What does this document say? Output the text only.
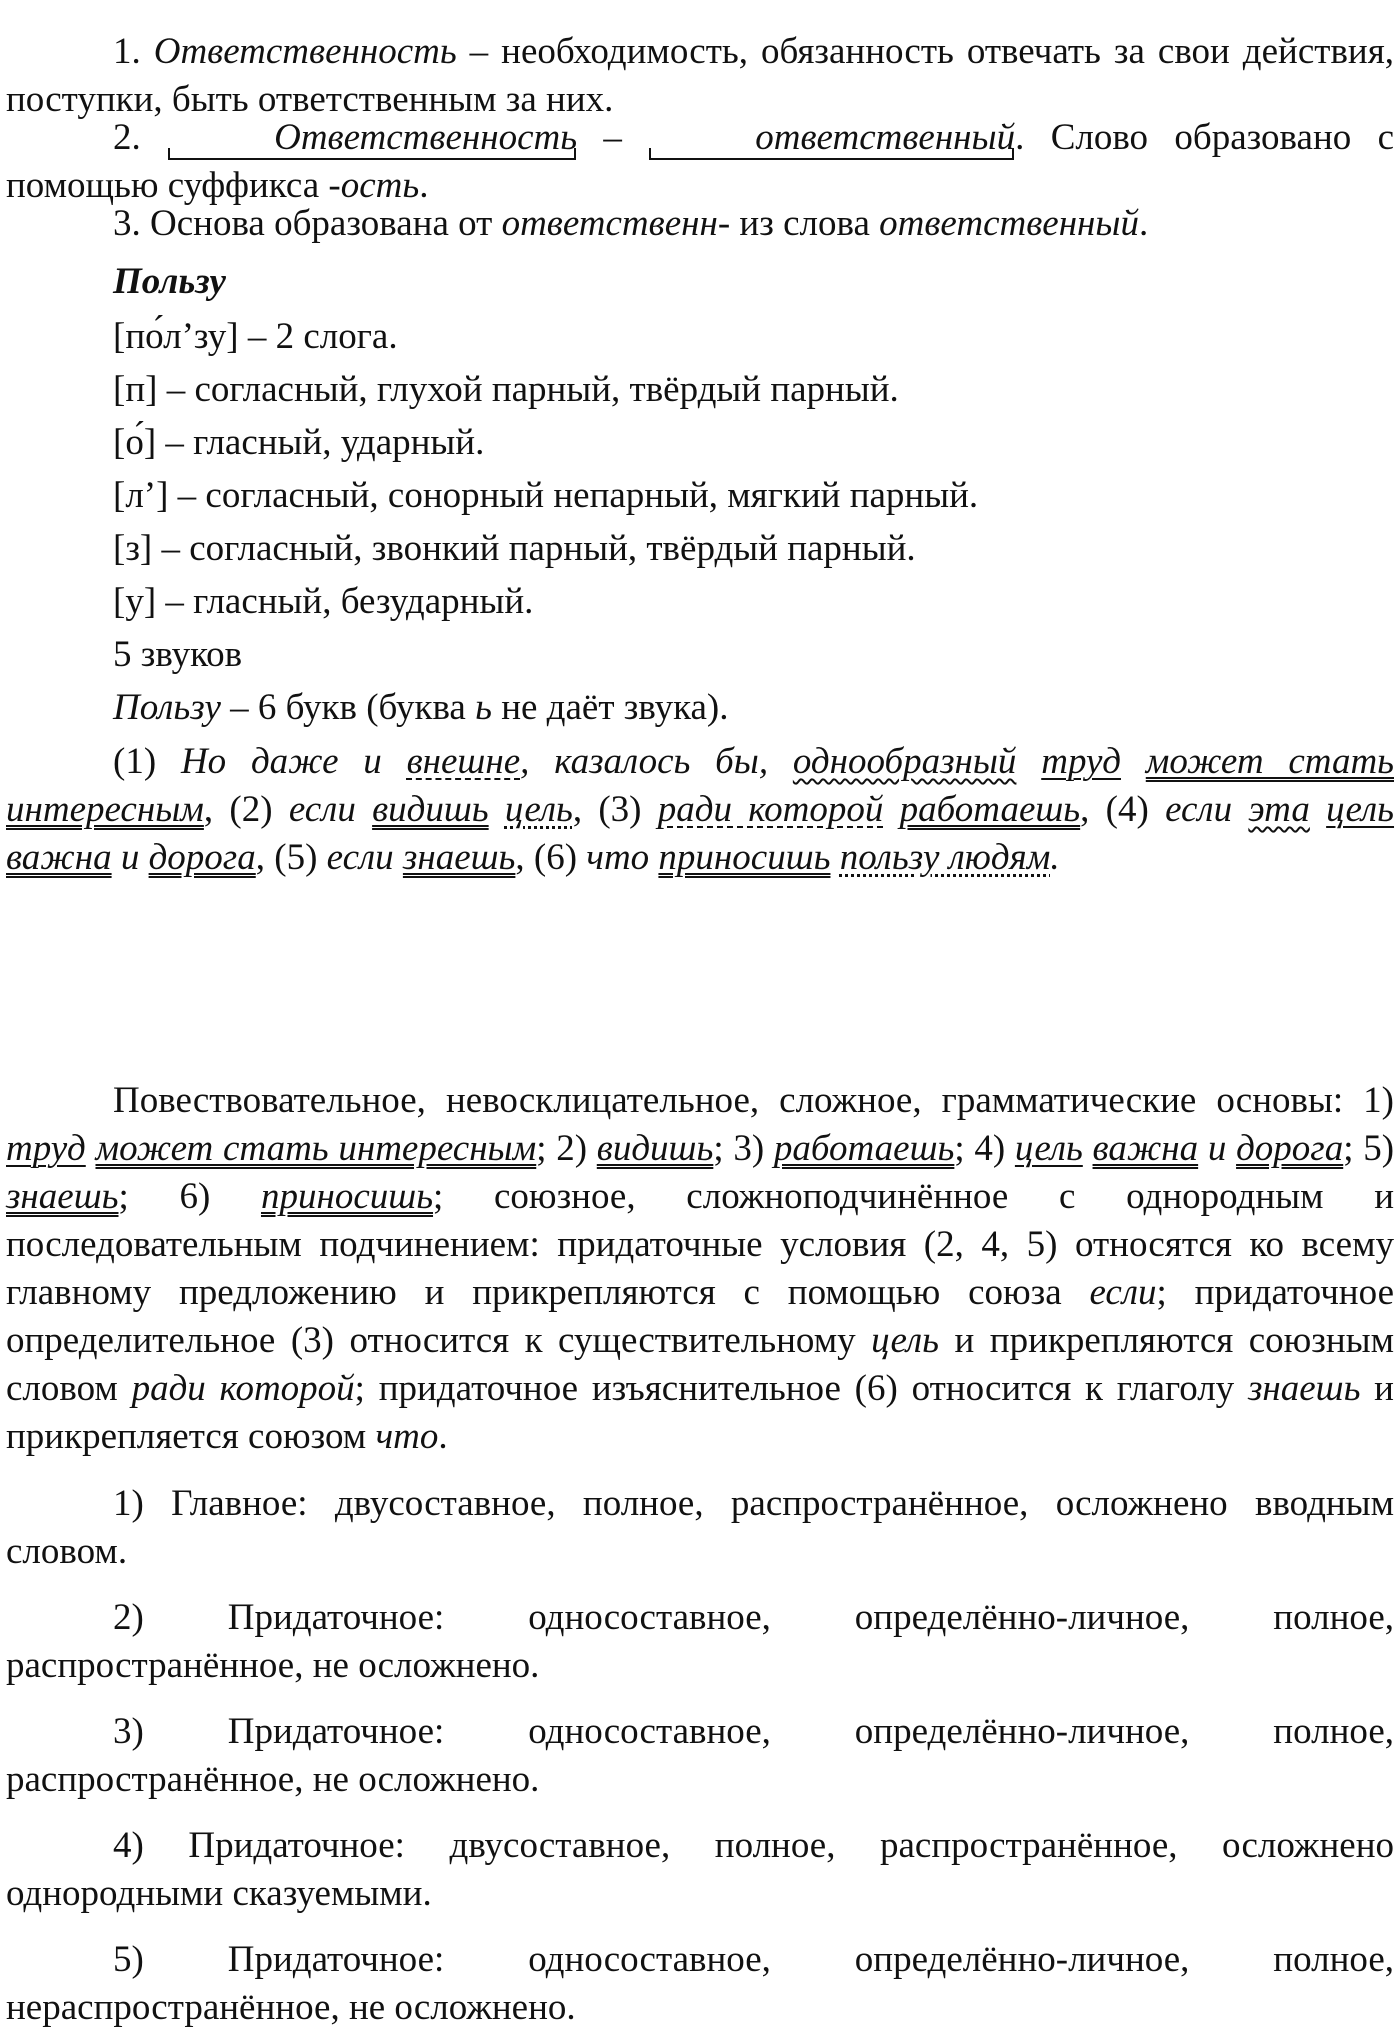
1. Ответственность – необходимость, обязанность отвечать за свои действия, поступки, быть ответственным за них.

2.	Ответственность –	ответственный. Слово образовано с помощью суффикса -ость.

3. Основа образована от ответственн- из слова ответственный.

Пользу

[по́л’зу] – 2 слога.

[п] – согласный, глухой парный, твёрдый парный.

[о́] – гласный, ударный.

[л’] – согласный, сонорный непарный, мягкий парный.

[з] – согласный, звонкий парный, твёрдый парный.

[у] – гласный, безударный.

5 звуков

Пользу – 6 букв (буква ь не даёт звука).

(1) Но даже и внешне, казалось бы, однообразный труд может стать интересным, (2) если видишь цель, (3) ради которой работаешь, (4) если эта цель важна и дорога, (5) если знаешь, (6) что приносишь пользу людям.

Повествовательное, невосклицательное, сложное, грамматические основы: 1) труд может стать интересным; 2) видишь; 3) работаешь; 4) цель важна и дорога; 5) знаешь; 6) приносишь; союзное, сложноподчинённое с однородным и последовательным подчинением: придаточные условия (2, 4, 5) относятся ко всему главному предложению и прикрепляются с помощью союза если; придаточное определительное (3) относится к существительному цель и прикрепляются союзным словом ради которой; придаточное изъяснительное (6) относится к глаголу знаешь и прикрепляется союзом что.

1) Главное: двусоставное, полное, распространённое, осложнено вводным словом.

2) Придаточное: односоставное, определённо-личное, полное, распространённое, не осложнено.

3) Придаточное: односоставное, определённо-личное, полное, распространённое, не осложнено.

4) Придаточное: двусоставное, полное, распространённое, осложнено однородными сказуемыми.

5) Придаточное: односоставное, определённо-личное, полное, нераспространённое, не осложнено.
